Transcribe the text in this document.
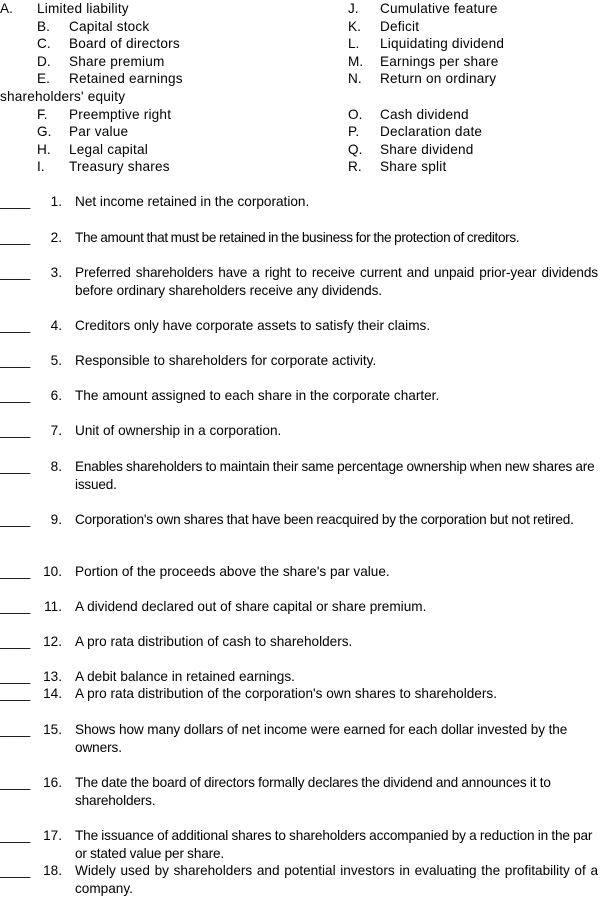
A. Limited liability
B. Capital stock
C. Board of directors
D. Share premium
E. Retained earnings
shareholders' equity
F. Preemptive right
G. Par value
H. Legal capital
I. Treasury shares
J. Cumulative feature
K. Deficit
L. Liquidating dividend
M. Earnings per share
N. Return on ordinary
O. Cash dividend
P. Declaration date
Q. Share dividend
R. Share split
____	1. Net income retained in the corporation.
____	2. The amount that must be retained in the business for the protection of creditors.
____	3. Preferred shareholders have a right to receive current and unpaid prior-year dividends before ordinary shareholders receive any dividends.
____	4. Creditors only have corporate assets to satisfy their claims.
____	5. Responsible to shareholders for corporate activity.
____	6. The amount assigned to each share in the corporate charter.
____	7. Unit of ownership in a corporation.
____	8. Enables shareholders to maintain their same percentage ownership when new shares are issued.
____	9. Corporation's own shares that have been reacquired by the corporation but not retired.
____ 10. Portion of the proceeds above the share's par value.
____	11. A dividend declared out of share capital or share premium.
____ 12. A pro rata distribution of cash to shareholders.
____ 13. A debit balance in retained earnings.
____ 14. A pro rata distribution of the corporation's own shares to shareholders.
____ 15. Shows how many dollars of net income were earned for each dollar invested by the owners.
____ 16. The date the board of directors formally declares the dividend and announces it to shareholders.
____ 17. The issuance of additional shares to shareholders accompanied by a reduction in the par or stated value per share.
____ 18. Widely used by shareholders and potential investors in evaluating the profitability of a company.
